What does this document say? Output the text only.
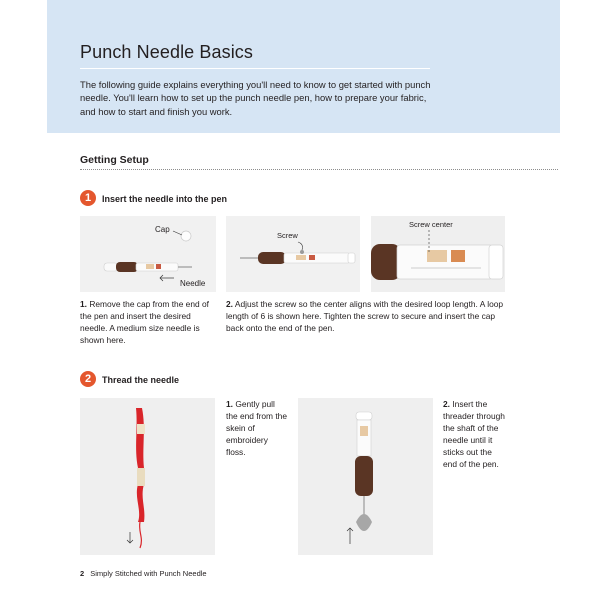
Punch Needle Basics
The following guide explains everything you'll need to know to get started with punch needle. You'll learn how to set up the punch needle pen, how to prepare your fabric, and how to start and finish you work.
Getting Setup
1	Insert the needle into the pen
Cap
Needle
Screw
Screw center
1. Remove the cap from the end of the pen and insert the desired needle. A medium size needle is shown here.
2. Adjust the screw so the center aligns with the desired loop length. A loop length of 6 is shown here. Tighten the screw to secure and insert the cap back onto the end of the pen.
2	Thread the needle
1. Gently pull the end from the skein of embroidery floss.
2. Insert the threader through the shaft of the needle until it sticks out the end of the pen.
2 Simply Stitched with Punch Needle
